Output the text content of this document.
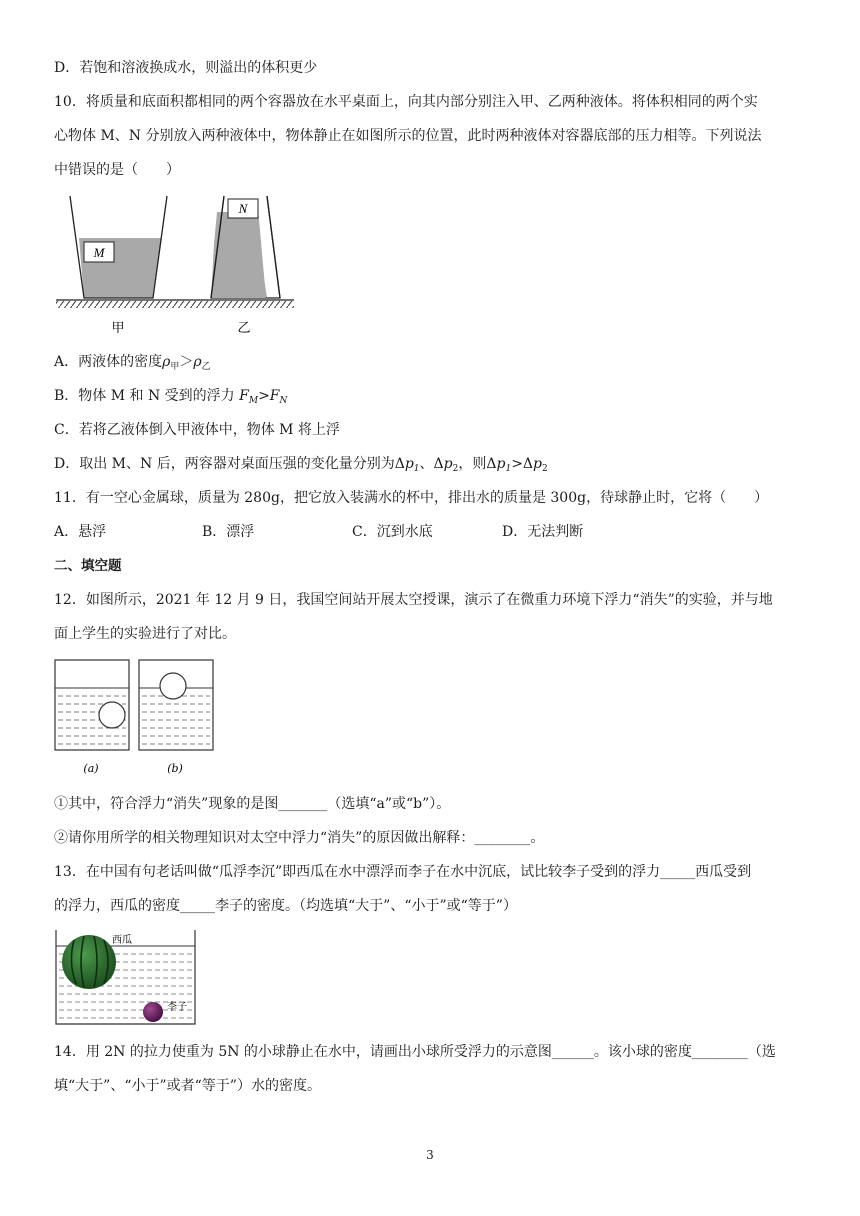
D．若饱和溶液换成水，则溢出的体积更少
10．将质量和底面积都相同的两个容器放在水平桌面上，向其内部分别注入甲、乙两种液体。将体积相同的两个实
心物体 M、N 分别放入两种液体中，物体静止在如图所示的位置，此时两种液体对容器底部的压力相等。下列说法
中错误的是（　　）
M
N
甲	乙
A．两液体的密度$\rho_甲>\rho_乙$
B．物体 M 和 N 受到的浮力 $F_M>F_N$
C．若将乙液体倒入甲液体中，物体 M 将上浮
D．取出 M、N 后，两容器对桌面压强的变化量分别为$\Delta p_1$、$\Delta p_2$，则$\Delta p_1>\Delta p_2$
11．有一空心金属球，质量为 280g，把它放入装满水的杯中，排出水的质量是 300g，待球静止时，它将（　　）
A．悬浮	B．漂浮	C．沉到水底	D．无法判断
二、填空题
12．如图所示，2021 年 12 月 9 日，我国空间站开展太空授课，演示了在微重力环境下浮力“消失”的实验，并与地
面上学生的实验进行了对比。
(a)	(b)
①其中，符合浮力“消失”现象的是图_______（选填“a”或“b”）。
②请你用所学的相关物理知识对太空中浮力“消失”的原因做出解释：________。
13．在中国有句老话叫做“瓜浮李沉”即西瓜在水中漂浮而李子在水中沉底，试比较李子受到的浮力_____西瓜受到
的浮力，西瓜的密度_____李子的密度。（均选填“大于”、“小于”或“等于”）
西瓜
李子
14．用 2N 的拉力使重为 5N 的小球静止在水中，请画出小球所受浮力的示意图______。该小球的密度________（选
填“大于”、“小于”或者“等于”）水的密度。
3
